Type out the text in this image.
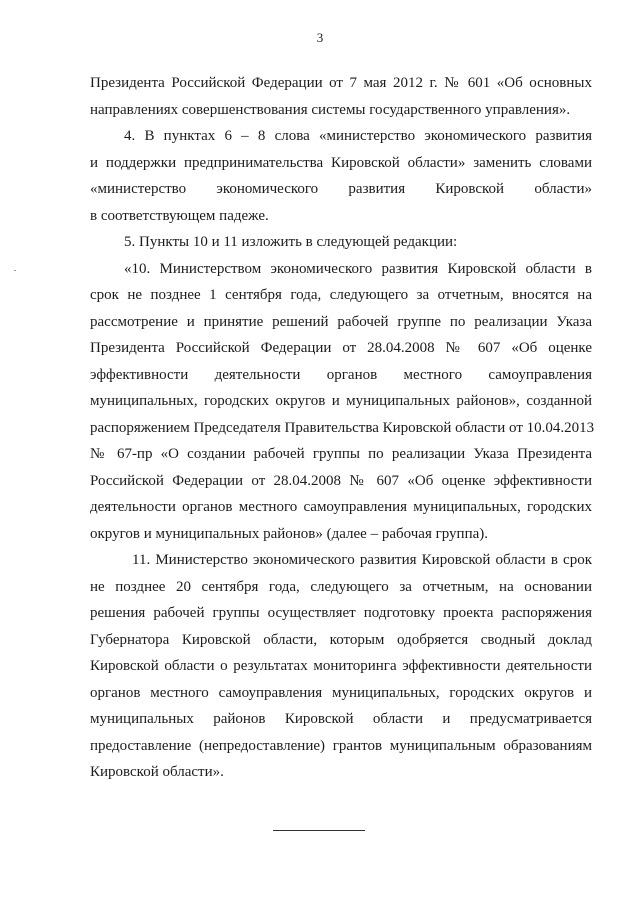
3
Президента Российской Федерации от 7 мая 2012 г. № 601 «Об основных
направлениях совершенствования системы государственного управления».
4. В пунктах 6 – 8 слова «министерство экономического развития
и поддержки предпринимательства Кировской области» заменить словами
«министерство экономического развития Кировской области»
в соответствующем падеже.
5. Пункты 10 и 11 изложить в следующей редакции:
«10. Министерством экономического развития Кировской области в
срок не позднее 1 сентября года, следующего за отчетным, вносятся на
рассмотрение и принятие решений рабочей группе по реализации Указа
Президента Российской Федерации от 28.04.2008 № 607 «Об оценке
эффективности деятельности органов местного самоуправления
муниципальных, городских округов и муниципальных районов», созданной
распоряжением Председателя Правительства Кировской области от 10.04.2013
№ 67-пр «О создании рабочей группы по реализации Указа Президента
Российской Федерации от 28.04.2008 № 607 «Об оценке эффективности
деятельности органов местного самоуправления муниципальных, городских
округов и муниципальных районов» (далее – рабочая группа).
11. Министерство экономического развития Кировской области в срок
не позднее 20 сентября года, следующего за отчетным, на основании
решения рабочей группы осуществляет подготовку проекта распоряжения
Губернатора Кировской области, которым одобряется сводный доклад
Кировской области о результатах мониторинга эффективности деятельности
органов местного самоуправления муниципальных, городских округов и
муниципальных районов Кировской области и предусматривается
предоставление (непредоставление) грантов муниципальным образованиям
Кировской области».
